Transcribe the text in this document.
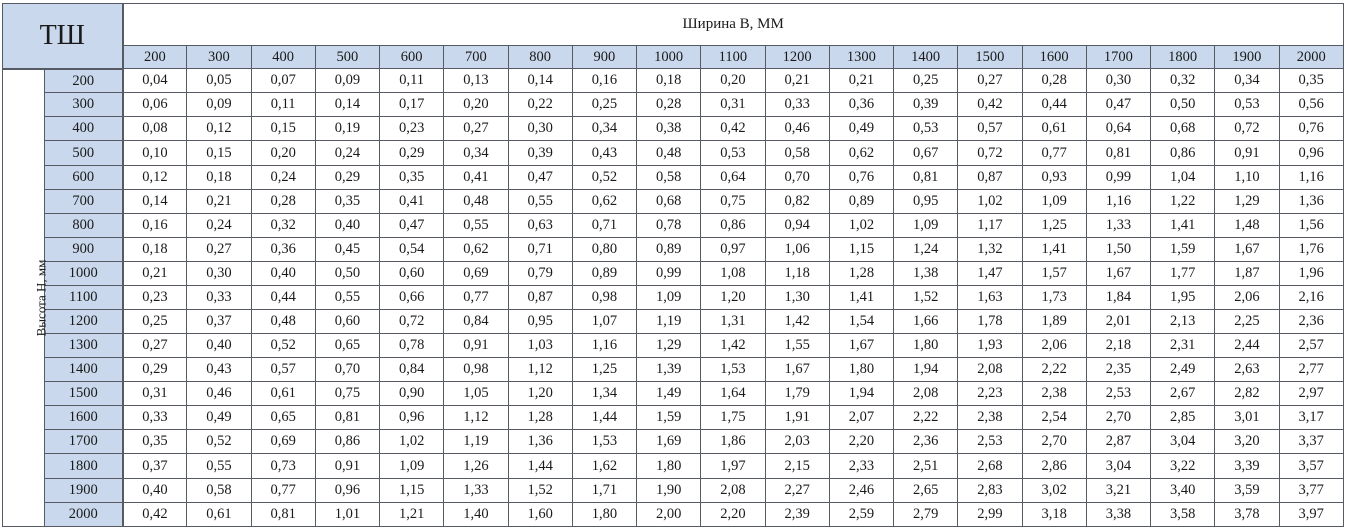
ТШ		Ширина В, ММ																		
		200	300	400	500	600	700	800	900	1000	1100	1200	1300	1400	1500	1600	1700	1800	1900	2000
Высота Н, мм	200	0,04	0,05	0,07	0,09	0,11	0,13	0,14	0,16	0,18	0,20	0,21	0,21	0,25	0,27	0,28	0,30	0,32	0,34	0,35
	300	0,06	0,09	0,11	0,14	0,17	0,20	0,22	0,25	0,28	0,31	0,33	0,36	0,39	0,42	0,44	0,47	0,50	0,53	0,56
	400	0,08	0,12	0,15	0,19	0,23	0,27	0,30	0,34	0,38	0,42	0,46	0,49	0,53	0,57	0,61	0,64	0,68	0,72	0,76
	500	0,10	0,15	0,20	0,24	0,29	0,34	0,39	0,43	0,48	0,53	0,58	0,62	0,67	0,72	0,77	0,81	0,86	0,91	0,96
	600	0,12	0,18	0,24	0,29	0,35	0,41	0,47	0,52	0,58	0,64	0,70	0,76	0,81	0,87	0,93	0,99	1,04	1,10	1,16
	700	0,14	0,21	0,28	0,35	0,41	0,48	0,55	0,62	0,68	0,75	0,82	0,89	0,95	1,02	1,09	1,16	1,22	1,29	1,36
	800	0,16	0,24	0,32	0,40	0,47	0,55	0,63	0,71	0,78	0,86	0,94	1,02	1,09	1,17	1,25	1,33	1,41	1,48	1,56
	900	0,18	0,27	0,36	0,45	0,54	0,62	0,71	0,80	0,89	0,97	1,06	1,15	1,24	1,32	1,41	1,50	1,59	1,67	1,76
	1000	0,21	0,30	0,40	0,50	0,60	0,69	0,79	0,89	0,99	1,08	1,18	1,28	1,38	1,47	1,57	1,67	1,77	1,87	1,96
	1100	0,23	0,33	0,44	0,55	0,66	0,77	0,87	0,98	1,09	1,20	1,30	1,41	1,52	1,63	1,73	1,84	1,95	2,06	2,16
	1200	0,25	0,37	0,48	0,60	0,72	0,84	0,95	1,07	1,19	1,31	1,42	1,54	1,66	1,78	1,89	2,01	2,13	2,25	2,36
	1300	0,27	0,40	0,52	0,65	0,78	0,91	1,03	1,16	1,29	1,42	1,55	1,67	1,80	1,93	2,06	2,18	2,31	2,44	2,57
	1400	0,29	0,43	0,57	0,70	0,84	0,98	1,12	1,25	1,39	1,53	1,67	1,80	1,94	2,08	2,22	2,35	2,49	2,63	2,77
	1500	0,31	0,46	0,61	0,75	0,90	1,05	1,20	1,34	1,49	1,64	1,79	1,94	2,08	2,23	2,38	2,53	2,67	2,82	2,97
	1600	0,33	0,49	0,65	0,81	0,96	1,12	1,28	1,44	1,59	1,75	1,91	2,07	2,22	2,38	2,54	2,70	2,85	3,01	3,17
	1700	0,35	0,52	0,69	0,86	1,02	1,19	1,36	1,53	1,69	1,86	2,03	2,20	2,36	2,53	2,70	2,87	3,04	3,20	3,37
	1800	0,37	0,55	0,73	0,91	1,09	1,26	1,44	1,62	1,80	1,97	2,15	2,33	2,51	2,68	2,86	3,04	3,22	3,39	3,57
	1900	0,40	0,58	0,77	0,96	1,15	1,33	1,52	1,71	1,90	2,08	2,27	2,46	2,65	2,83	3,02	3,21	3,40	3,59	3,77
	2000	0,42	0,61	0,81	1,01	1,21	1,40	1,60	1,80	2,00	2,20	2,39	2,59	2,79	2,99	3,18	3,38	3,58	3,78	3,97
